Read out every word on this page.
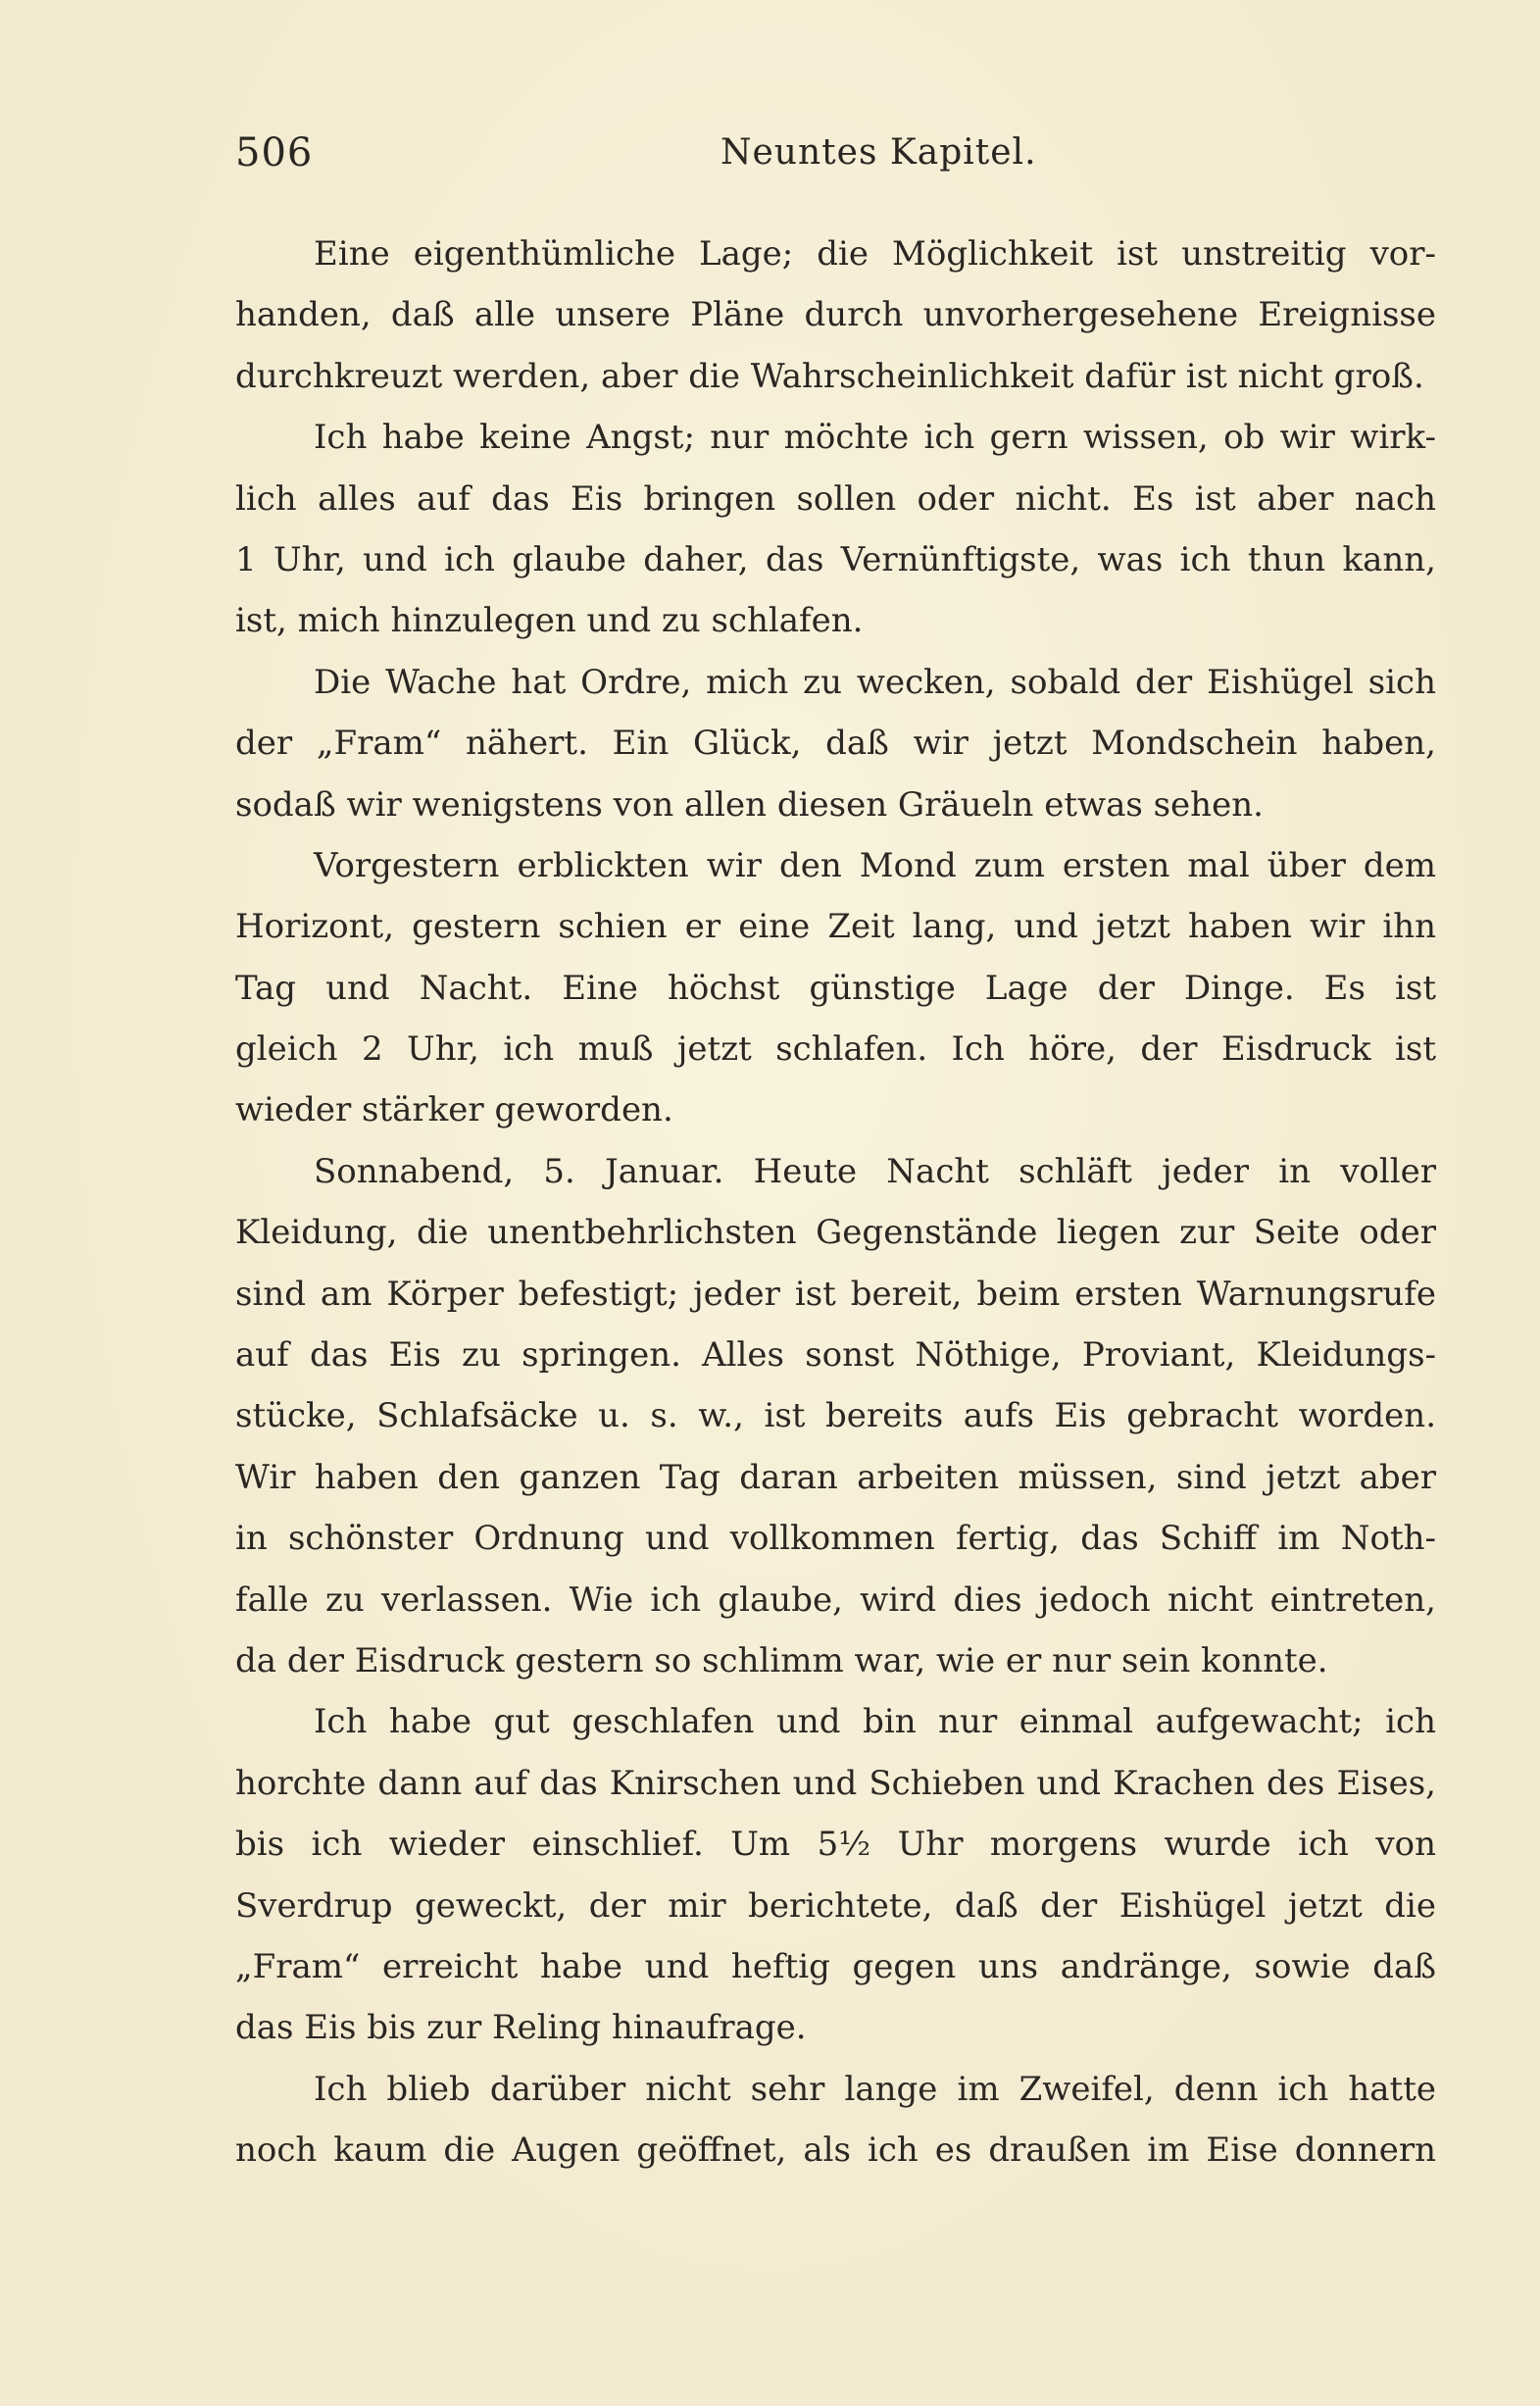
506	Neuntes Kapitel.
Eine eigenthümliche Lage; die Möglichkeit ist unstreitig vor-
handen, daß alle unsere Pläne durch unvorhergesehene Ereignisse
durchkreuzt werden, aber die Wahrscheinlichkeit dafür ist nicht groß.
Ich habe keine Angst; nur möchte ich gern wissen, ob wir wirk-
lich alles auf das Eis bringen sollen oder nicht. Es ist aber nach
1 Uhr, und ich glaube daher, das Vernünftigste, was ich thun kann,
ist, mich hinzulegen und zu schlafen.
Die Wache hat Ordre, mich zu wecken, sobald der Eishügel sich
der „Fram“ nähert. Ein Glück, daß wir jetzt Mondschein haben,
sodaß wir wenigstens von allen diesen Gräueln etwas sehen.
Vorgestern erblickten wir den Mond zum ersten mal über dem
Horizont, gestern schien er eine Zeit lang, und jetzt haben wir ihn
Tag und Nacht. Eine höchst günstige Lage der Dinge. Es ist
gleich 2 Uhr, ich muß jetzt schlafen. Ich höre, der Eisdruck ist
wieder stärker geworden.
Sonnabend, 5. Januar. Heute Nacht schläft jeder in voller
Kleidung, die unentbehrlichsten Gegenstände liegen zur Seite oder
sind am Körper befestigt; jeder ist bereit, beim ersten Warnungsrufe
auf das Eis zu springen. Alles sonst Nöthige, Proviant, Kleidungs-
stücke, Schlafsäcke u. s. w., ist bereits aufs Eis gebracht worden.
Wir haben den ganzen Tag daran arbeiten müssen, sind jetzt aber
in schönster Ordnung und vollkommen fertig, das Schiff im Noth-
falle zu verlassen. Wie ich glaube, wird dies jedoch nicht eintreten,
da der Eisdruck gestern so schlimm war, wie er nur sein konnte.
Ich habe gut geschlafen und bin nur einmal aufgewacht; ich
horchte dann auf das Knirschen und Schieben und Krachen des Eises,
bis ich wieder einschlief. Um 5½ Uhr morgens wurde ich von
Sverdrup geweckt, der mir berichtete, daß der Eishügel jetzt die
„Fram“ erreicht habe und heftig gegen uns andränge, sowie daß
das Eis bis zur Reling hinaufrage.
Ich blieb darüber nicht sehr lange im Zweifel, denn ich hatte
noch kaum die Augen geöffnet, als ich es draußen im Eise donnern
